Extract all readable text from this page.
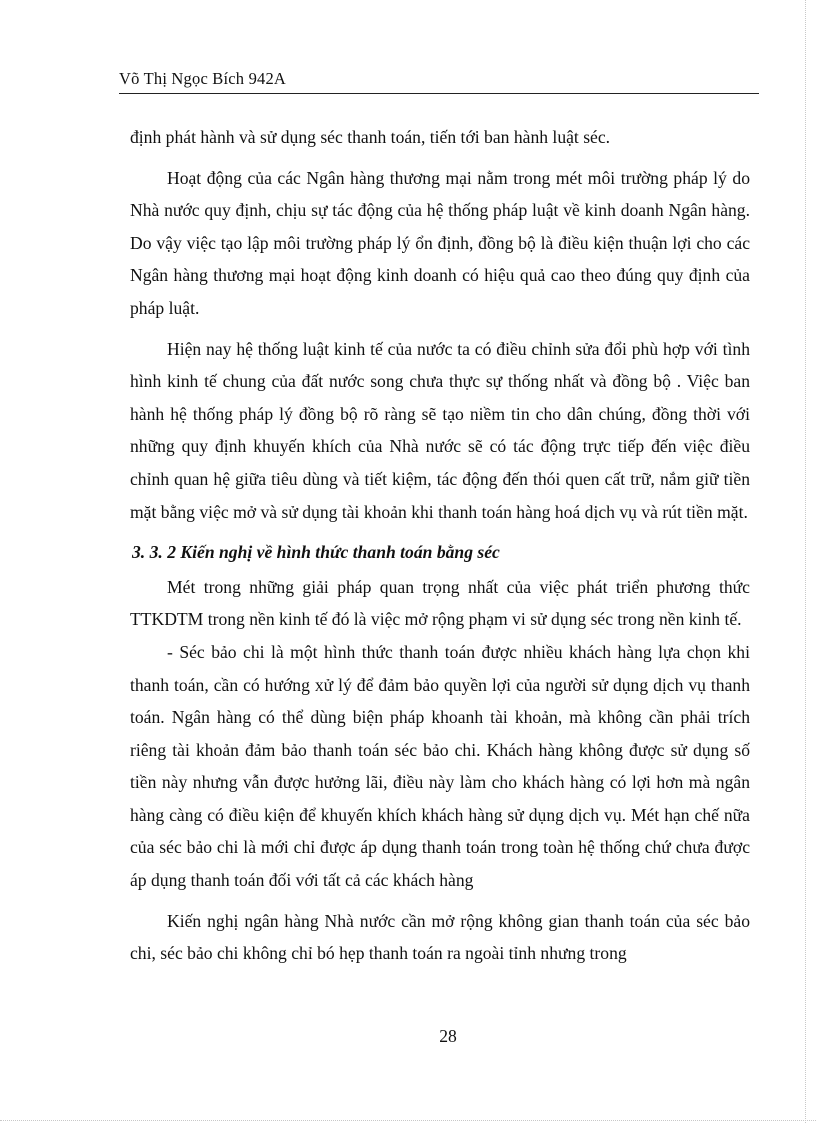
Võ Thị Ngọc Bích 942A

định phát hành và sử dụng séc thanh toán, tiến tới ban hành luật séc.

Hoạt động của các Ngân hàng thương mại nằm trong mét môi trường pháp lý do Nhà nước quy định, chịu sự tác động của hệ thống pháp luật về kinh doanh Ngân hàng. Do vậy việc tạo lập môi trường pháp lý ổn định, đồng bộ là điều kiện thuận lợi cho các Ngân hàng thương mại hoạt động kinh doanh có hiệu quả cao theo đúng quy định của pháp luật.

Hiện nay hệ thống luật kinh tế của nước ta có điều chỉnh sửa đổi phù hợp với tình hình kinh tế chung của đất nước song chưa thực sự thống nhất và đồng bộ . Việc ban hành hệ thống pháp lý đồng bộ rõ ràng sẽ tạo niềm tin cho dân chúng, đồng thời với những quy định khuyến khích của Nhà nước sẽ có tác động trực tiếp đến việc điều chỉnh quan hệ giữa tiêu dùng và tiết kiệm, tác động đến thói quen cất trữ, nắm giữ tiền mặt bằng việc mở và sử dụng tài khoản khi thanh toán hàng hoá dịch vụ và rút tiền mặt.

3. 3. 2 Kiến nghị về hình thức thanh toán bằng séc

Mét trong những giải pháp quan trọng nhất của việc phát triển phương thức TTKDTM trong nền kinh tế đó là việc mở rộng phạm vi sử dụng séc trong nền kinh tế.

- Séc bảo chi là một hình thức thanh toán được nhiều khách hàng lựa chọn khi thanh toán, cần có hướng xử lý để đảm bảo quyền lợi của người sử dụng dịch vụ thanh toán. Ngân hàng có thể dùng biện pháp khoanh tài khoản, mà không cần phải trích riêng tài khoản đảm bảo thanh toán séc bảo chi. Khách hàng không được sử dụng số tiền này nhưng vẫn được hưởng lãi, điều này làm cho khách hàng có lợi hơn mà ngân hàng càng có điều kiện để khuyến khích khách hàng sử dụng dịch vụ. Mét hạn chế nữa của séc bảo chi là mới chỉ được áp dụng thanh toán trong toàn hệ thống chứ chưa được áp dụng thanh toán đối với tất cả các khách hàng

Kiến nghị ngân hàng Nhà nước cần mở rộng không gian thanh toán của séc bảo chi, séc bảo chi không chỉ bó hẹp thanh toán ra ngoài tỉnh nhưng trong

28
